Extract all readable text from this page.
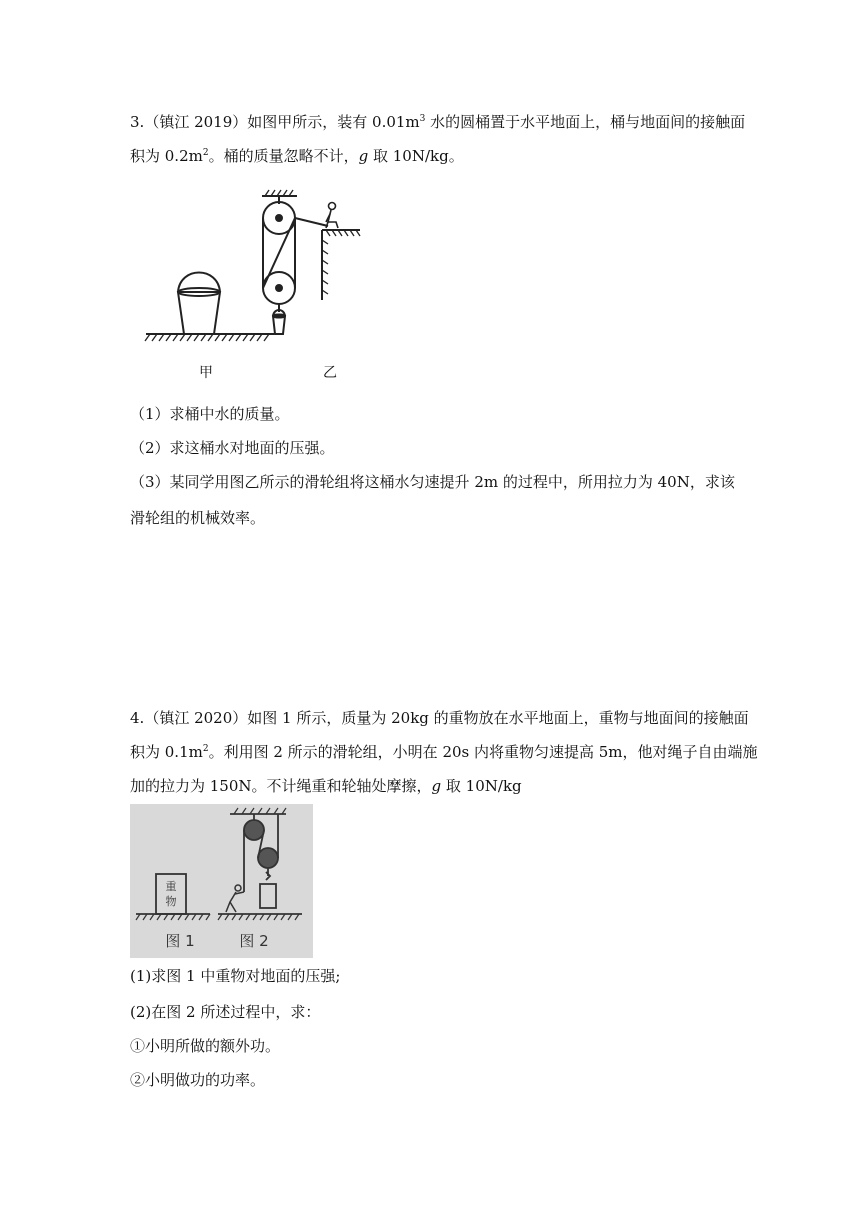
3.（镇江 2019）如图甲所示，装有 $0.01m^3$ 水的圆桶置于水平地面上，桶与地面间的接触面
积为 $0.2m^2$。桶的质量忽略不计，g 取 10N/kg。
甲	乙
（1）求桶中水的质量。
（2）求这桶水对地面的压强。
（3）某同学用图乙所示的滑轮组将这桶水匀速提升 2m 的过程中，所用拉力为 40N，求该
滑轮组的机械效率。
4.（镇江 2020）如图 1 所示，质量为 20kg 的重物放在水平地面上，重物与地面间的接触面
积为 $0.1m^2$。利用图 2 所示的滑轮组，小明在 20s 内将重物匀速提高 5m，他对绳子自由端施
加的拉力为 150N。不计绳重和轮轴处摩擦，g 取 10N/kg
重
物
图 1	图 2
(1)求图 1 中重物对地面的压强;
(2)在图 2 所述过程中，求：
①小明所做的额外功。
②小明做功的功率。
